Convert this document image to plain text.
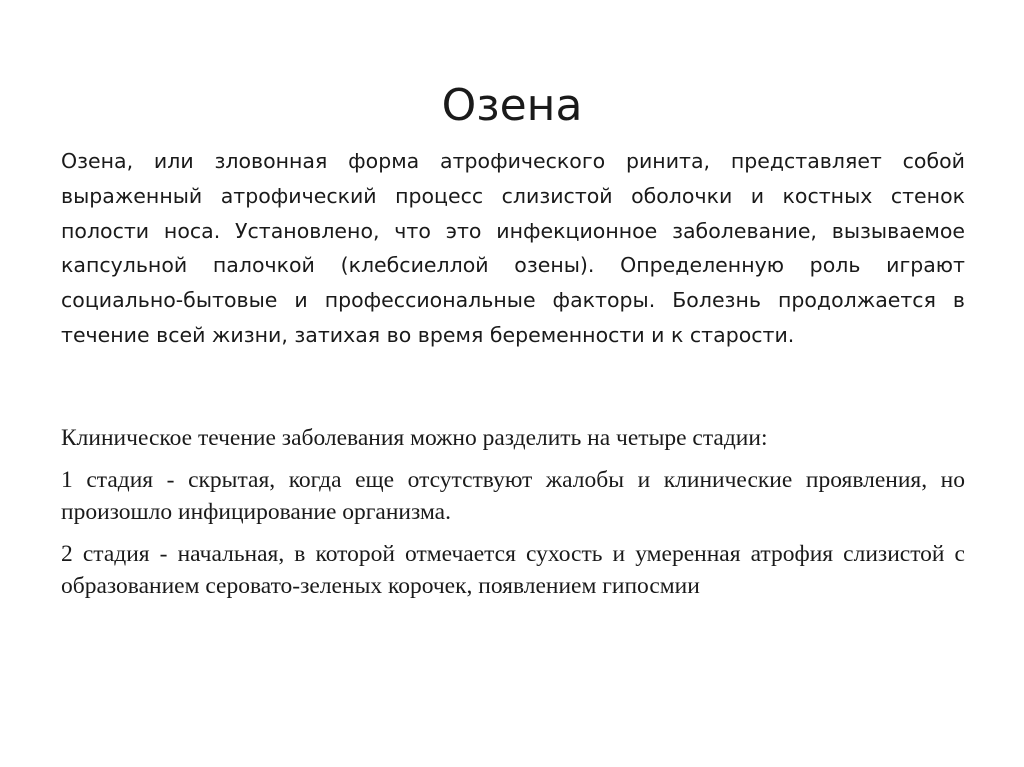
Озена

Озена, или зловонная форма атрофического ринита, представляет собой выраженный атрофический процесс слизистой оболочки и костных стенок полости носа. Установлено, что это инфекционное заболевание, вызываемое капсульной палочкой (клебсиеллой озены). Определенную роль играют социально-бытовые и профессиональные факторы. Болезнь продолжается в течение всей жизни, затихая во время беременности и к старости.

Клиническое течение заболевания можно разделить на четыре стадии:

1 стадия - скрытая, когда еще отсутствуют жалобы и клинические проявления, но произошло инфицирование организма.

2 стадия - начальная, в которой отмечается сухость и умеренная атрофия слизистой с образованием серовато-зеленых корочек, появлением гипосмии
